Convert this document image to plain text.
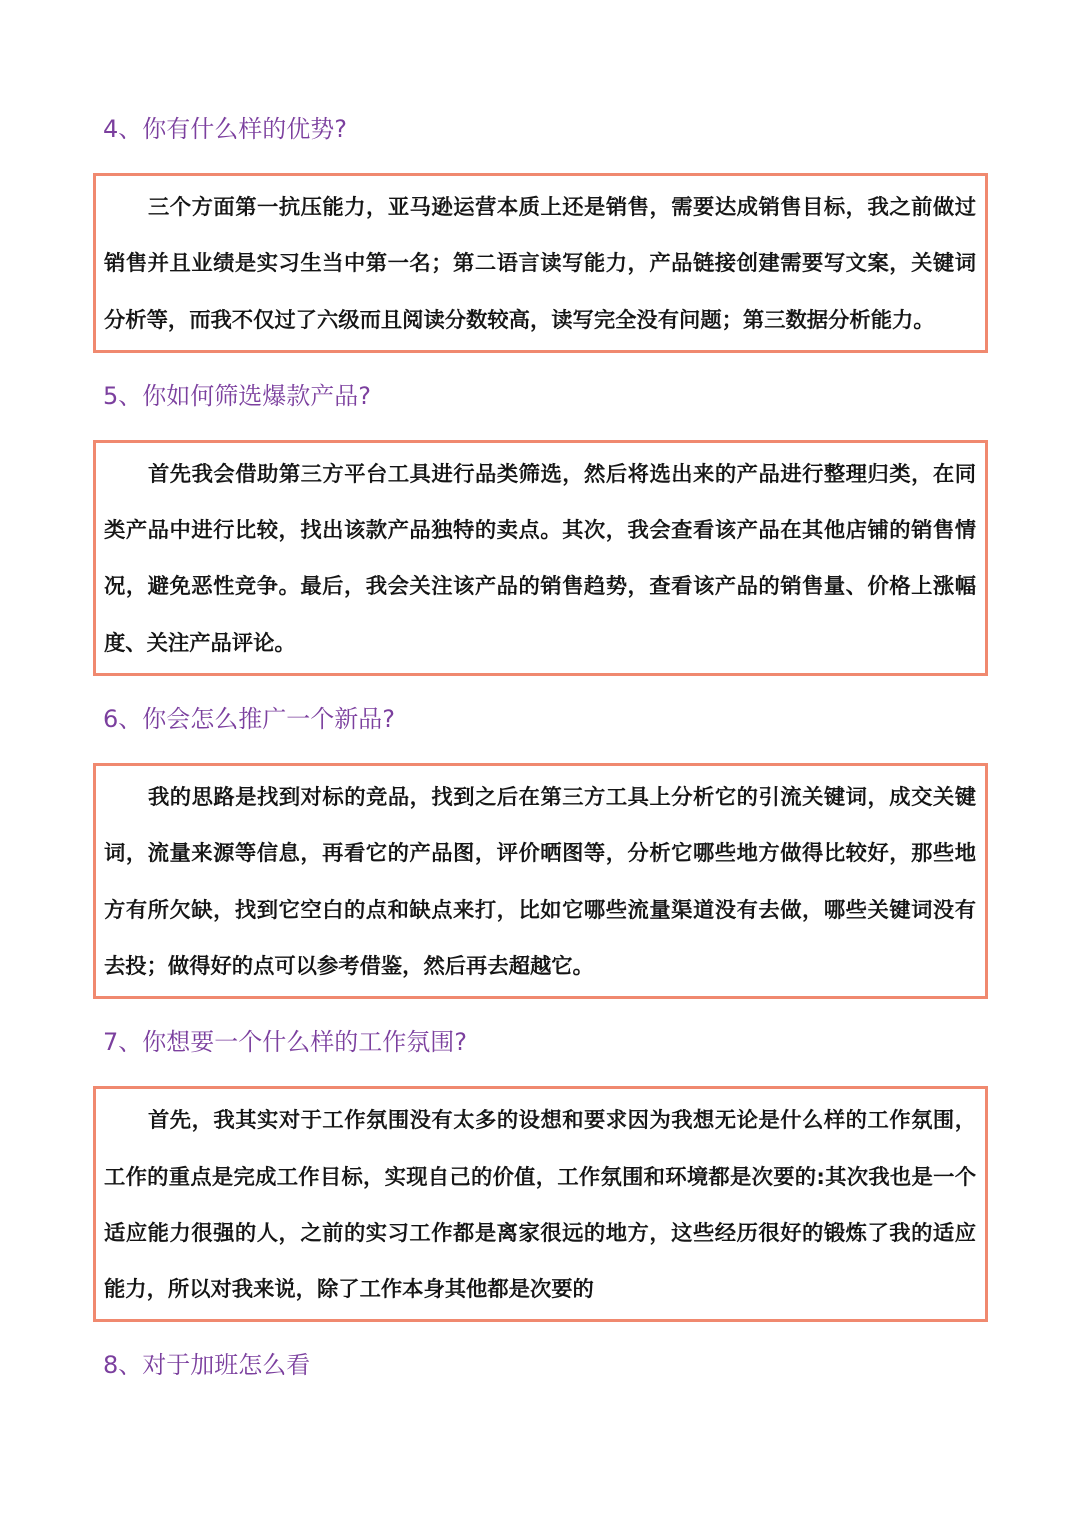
4、你有什么样的优势?
三个方面第一抗压能力，亚马逊运营本质上还是销售，需要达成销售目标，我之前做过
销售并且业绩是实习生当中第一名；第二语言读写能力，产品链接创建需要写文案，关键词
分析等，而我不仅过了六级而且阅读分数较高，读写完全没有问题；第三数据分析能力。
5、你如何筛选爆款产品?
首先我会借助第三方平台工具进行品类筛选，然后将选出来的产品进行整理归类，在同
类产品中进行比较，找出该款产品独特的卖点。其次，我会查看该产品在其他店铺的销售情
况，避免恶性竞争。最后，我会关注该产品的销售趋势，查看该产品的销售量、价格上涨幅
度、关注产品评论。
6、你会怎么推广一个新品?
我的思路是找到对标的竞品，找到之后在第三方工具上分析它的引流关键词，成交关键
词，流量来源等信息，再看它的产品图，评价晒图等，分析它哪些地方做得比较好，那些地
方有所欠缺，找到它空白的点和缺点来打，比如它哪些流量渠道没有去做，哪些关键词没有
去投；做得好的点可以参考借鉴，然后再去超越它。
7、你想要一个什么样的工作氛围?
首先，我其实对于工作氛围没有太多的设想和要求因为我想无论是什么样的工作氛围，
工作的重点是完成工作目标，实现自己的价值，工作氛围和环境都是次要的:其次我也是一个
适应能力很强的人，之前的实习工作都是离家很远的地方，这些经历很好的锻炼了我的适应
能力，所以对我来说，除了工作本身其他都是次要的
8、对于加班怎么看
